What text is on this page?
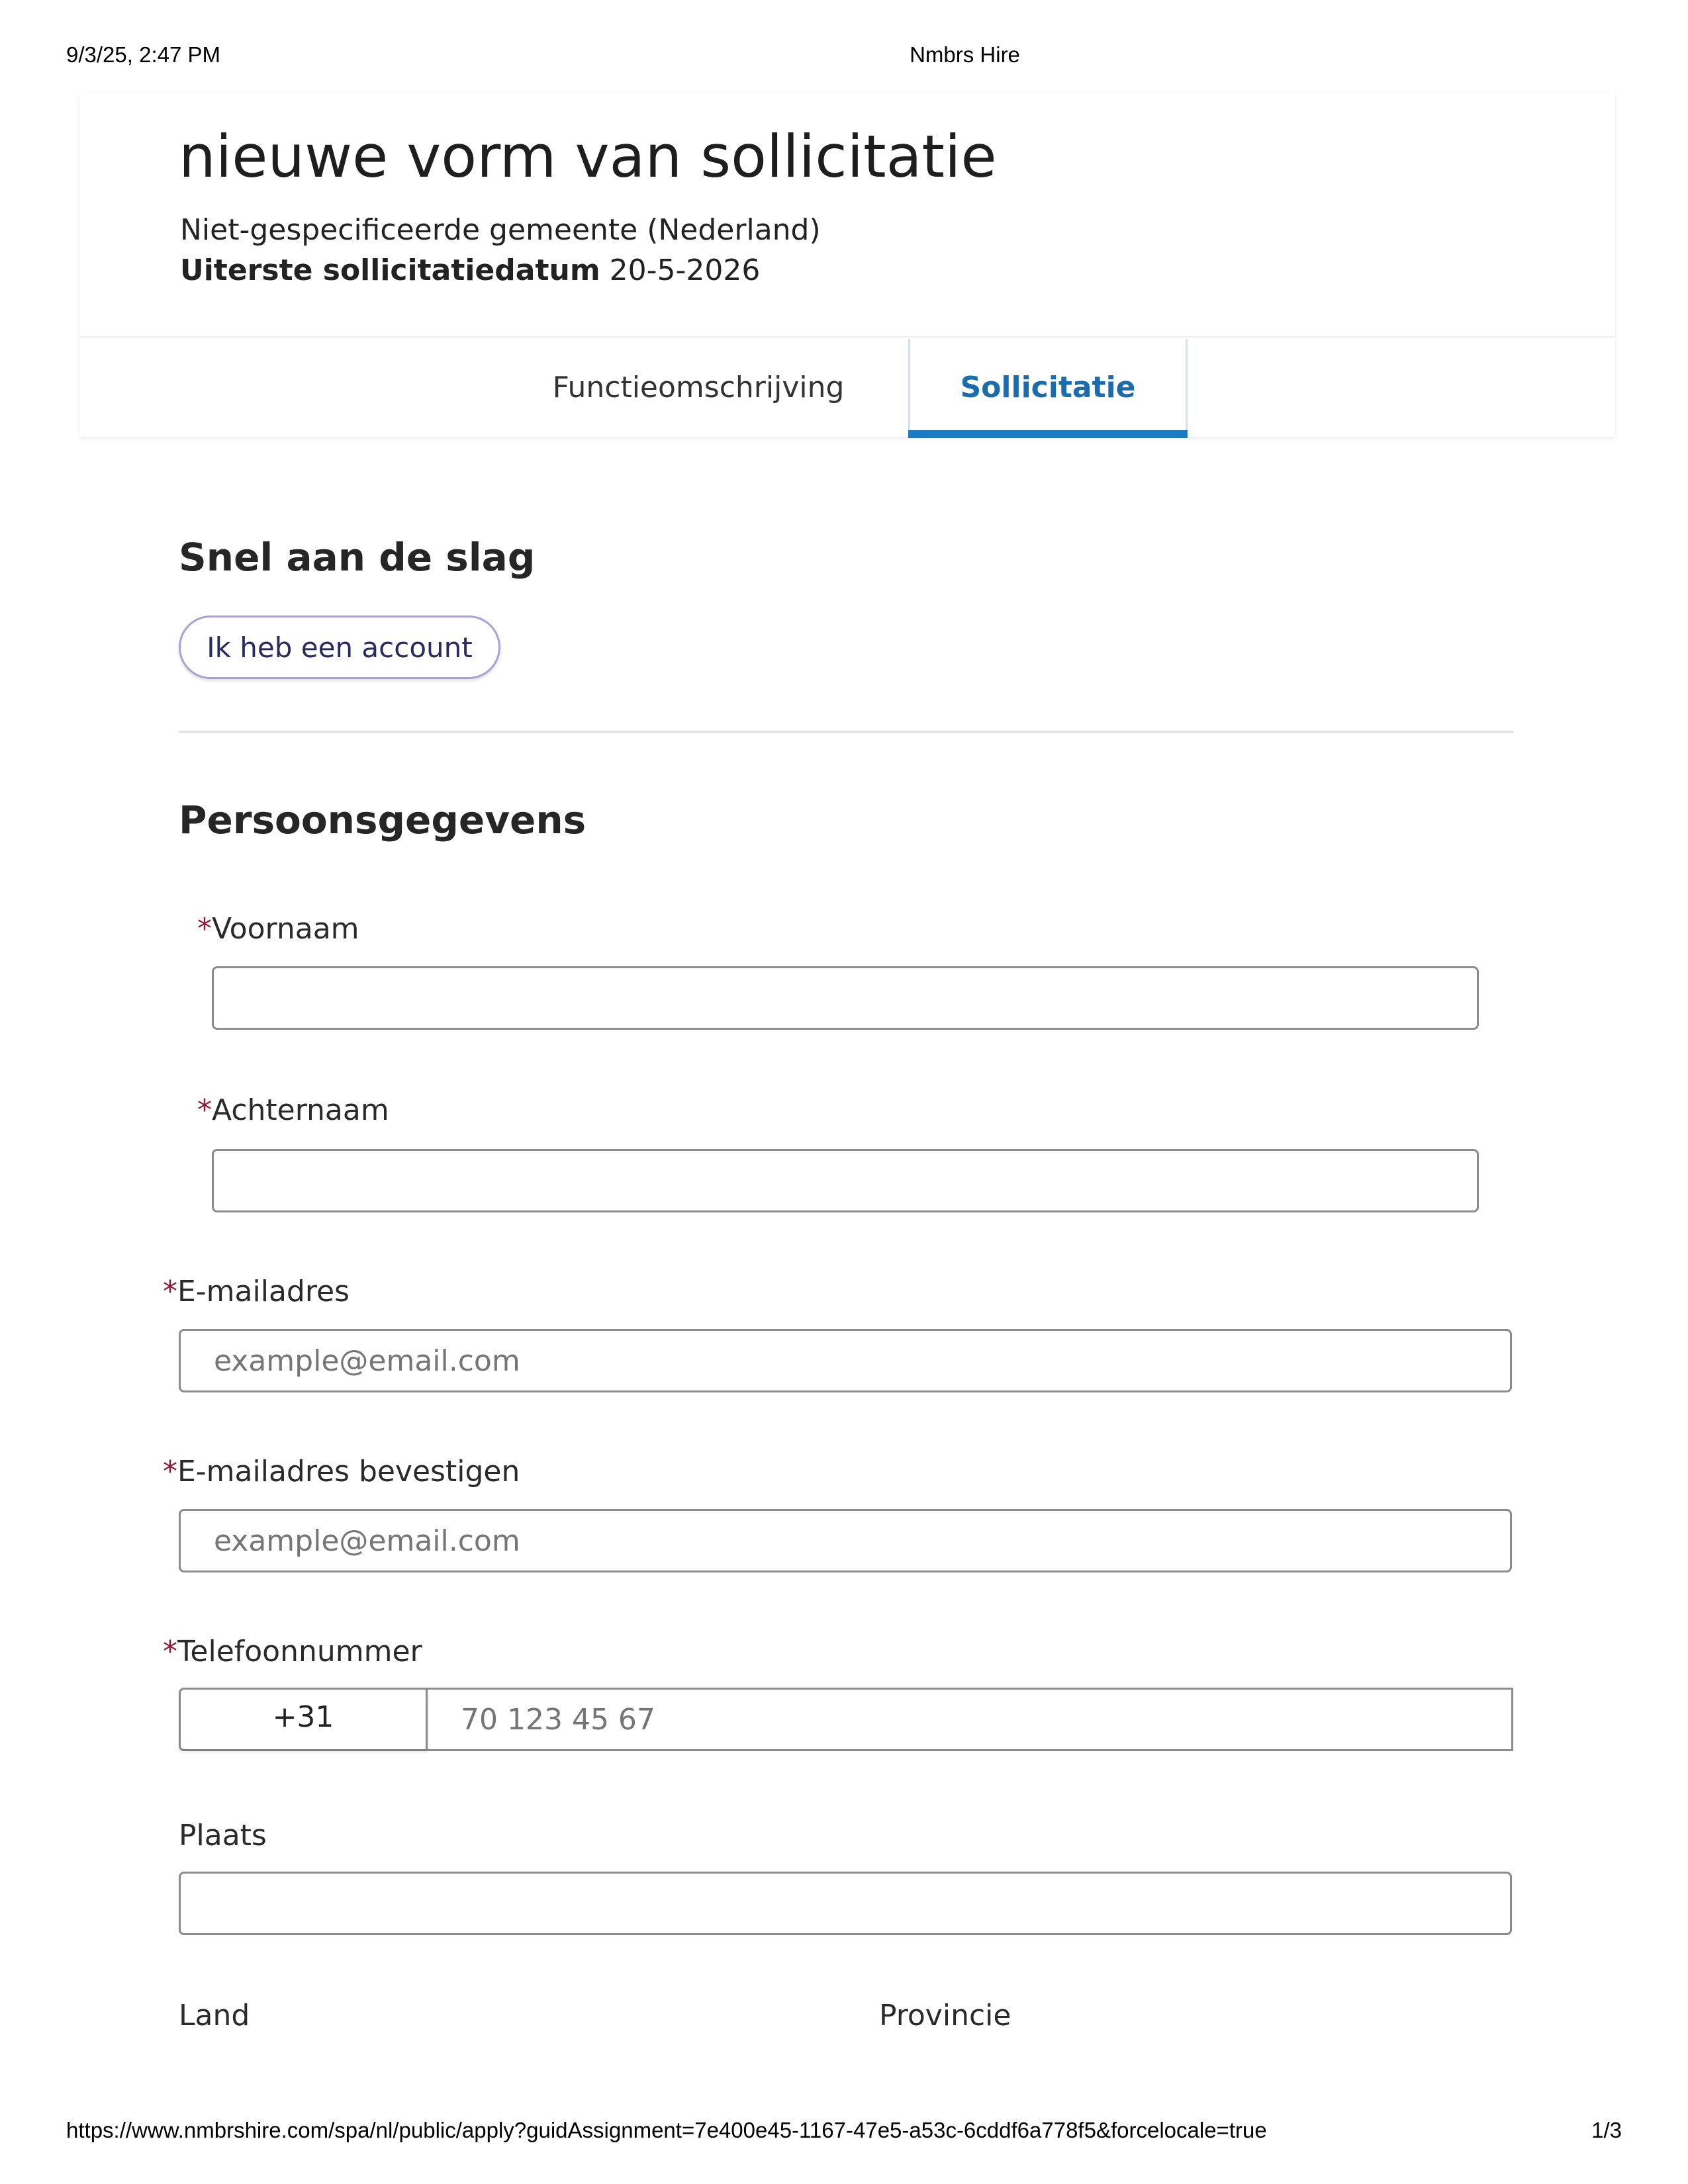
9/3/25, 2:47 PM	Nmbrs Hire
nieuwe vorm van sollicitatie
Niet-gespecificeerde gemeente (Nederland)
Uiterste sollicitatiedatum 20-5-2026
Functieomschrijving	Sollicitatie
Snel aan de slag
Ik heb een account
Persoonsgegevens
*Voornaam
*Achternaam
*E-mailadres
example@email.com
*E-mailadres bevestigen
example@email.com
*Telefoonnummer
+31
70 123 45 67
Plaats
Land	Provincie
https://www.nmbrshire.com/spa/nl/public/apply?guidAssignment=7e400e45-1167-47e5-a53c-6cddf6a778f5&forcelocale=true	1/3
